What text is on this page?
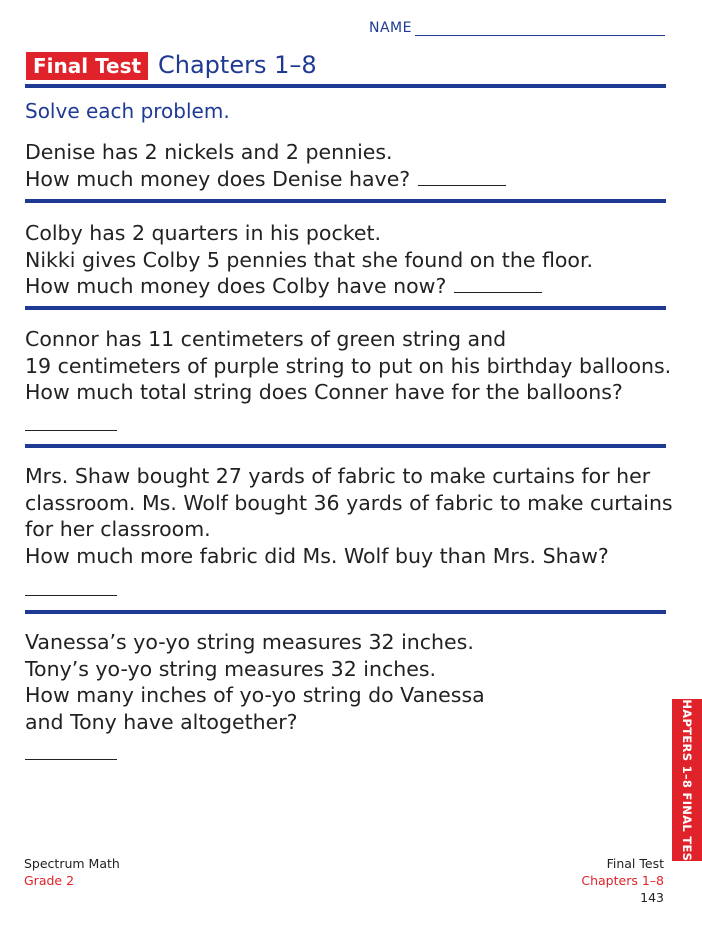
NAME
Final Test Chapters 1–8
Solve each problem.
Denise has 2 nickels and 2 pennies.
How much money does Denise have?
Colby has 2 quarters in his pocket.
Nikki gives Colby 5 pennies that she found on the floor.
How much money does Colby have now?
Connor has 11 centimeters of green string and
19 centimeters of purple string to put on his birthday balloons.
How much total string does Conner have for the balloons?
Mrs. Shaw bought 27 yards of fabric to make curtains for her
classroom. Ms. Wolf bought 36 yards of fabric to make curtains
for her classroom.
How much more fabric did Ms. Wolf buy than Mrs. Shaw?
Vanessa’s yo-yo string measures 32 inches.
Tony’s yo-yo string measures 32 inches.
How many inches of yo-yo string do Vanessa
and Tony have altogether?	CHAPTERS 1–8 FINAL TEST
Spectrum Math
Grade 2
Final Test
Chapters 1–8
143
